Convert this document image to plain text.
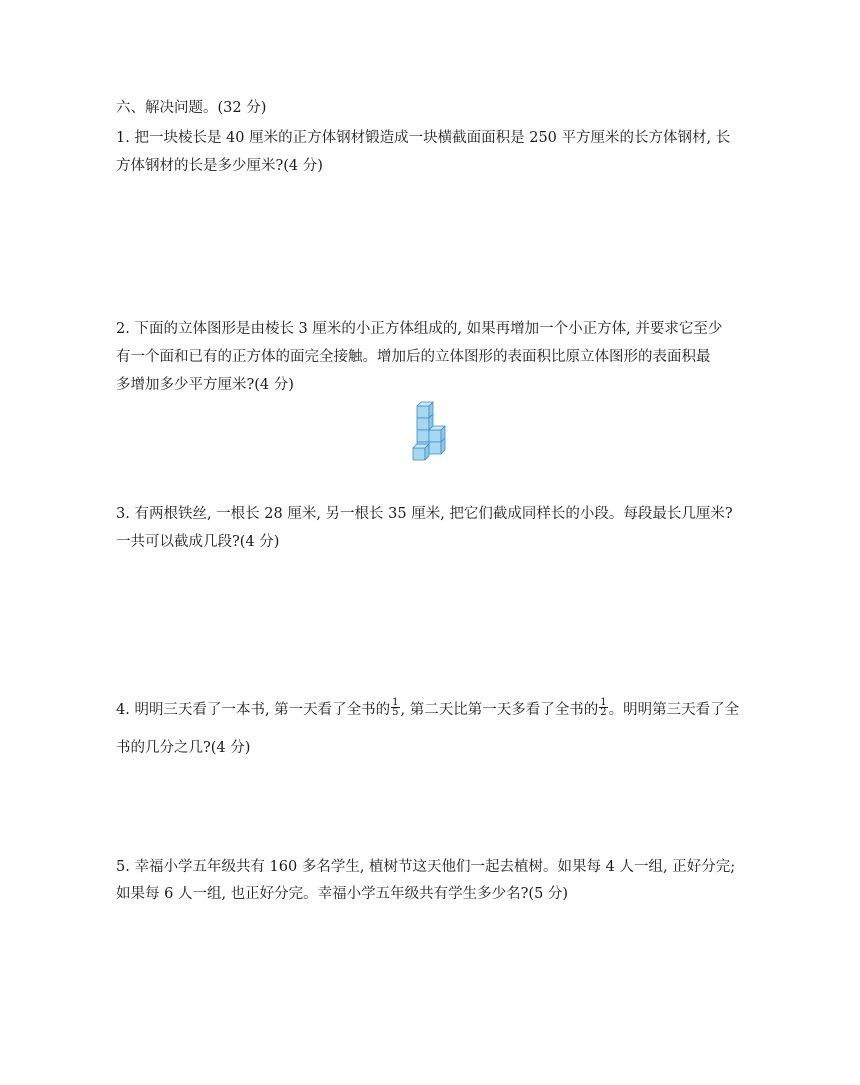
六、解决问题。(32 分)
1. 把一块棱长是 40 厘米的正方体钢材锻造成一块横截面面积是 250 平方厘米的长方体钢材, 长
方体钢材的长是多少厘米?(4 分)
2. 下面的立体图形是由棱长 3 厘米的小正方体组成的, 如果再增加一个小正方体, 并要求它至少
有一个面和已有的正方体的面完全接触。增加后的立体图形的表面积比原立体图形的表面积最
多增加多少平方厘米?(4 分)
3. 有两根铁丝, 一根长 28 厘米, 另一根长 35 厘米, 把它们截成同样长的小段。每段最长几厘米?
一共可以截成几段?(4 分)
4. 明明三天看了一本书, 第一天看了全书的 $\frac{1}{5}$ , 第二天比第一天多看了全书的 $\frac{1}{2}$ 。明明第三天看了全
书的几分之几?(4 分)
5. 幸福小学五年级共有 160 多名学生, 植树节这天他们一起去植树。如果每 4 人一组, 正好分完;
如果每 6 人一组, 也正好分完。幸福小学五年级共有学生多少名?(5 分)
